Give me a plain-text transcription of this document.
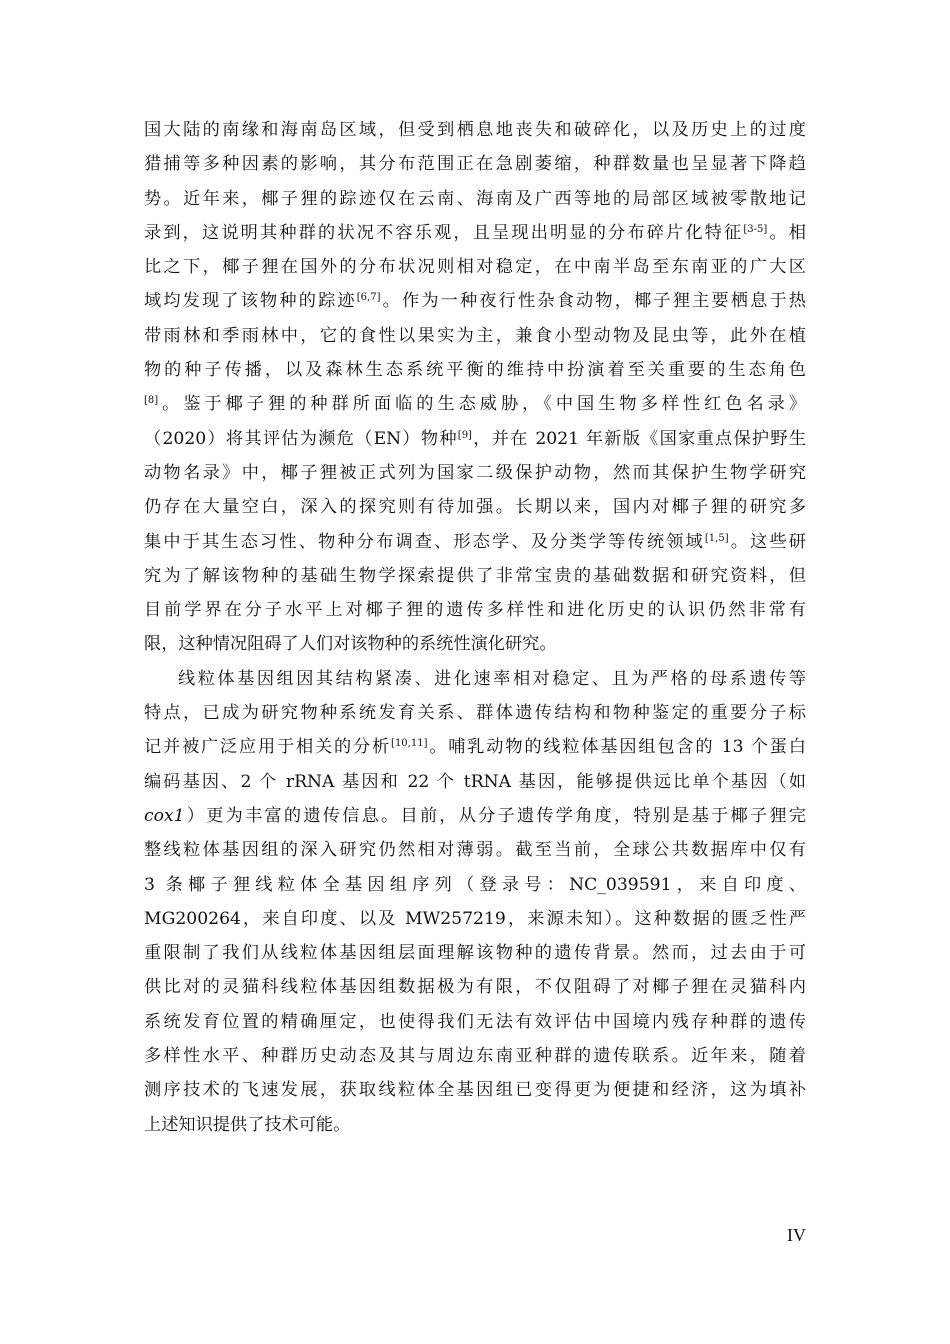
国大陆的南缘和海南岛区域，但受到栖息地丧失和破碎化，以及历史上的过度
猎捕等多种因素的影响，其分布范围正在急剧萎缩，种群数量也呈显著下降趋
势。近年来，椰子狸的踪迹仅在云南、海南及广西等地的局部区域被零散地记
录到，这说明其种群的状况不容乐观，且呈现出明显的分布碎片化特征[3-5]。相
比之下，椰子狸在国外的分布状况则相对稳定，在中南半岛至东南亚的广大区
域均发现了该物种的踪迹[6,7]。作为一种夜行性杂食动物，椰子狸主要栖息于热
带雨林和季雨林中，它的食性以果实为主，兼食小型动物及昆虫等，此外在植
物的种子传播，以及森林生态系统平衡的维持中扮演着至关重要的生态角色
[8]。鉴于椰子狸的种群所面临的生态威胁，《中国生物多样性红色名录》
（2020）将其评估为濒危（EN）物种[9]，并在 2021 年新版《国家重点保护野生
动物名录》中，椰子狸被正式列为国家二级保护动物，然而其保护生物学研究
仍存在大量空白，深入的探究则有待加强。长期以来，国内对椰子狸的研究多
集中于其生态习性、物种分布调查、形态学、及分类学等传统领域[1,5]。这些研
究为了解该物种的基础生物学探索提供了非常宝贵的基础数据和研究资料，但
目前学界在分子水平上对椰子狸的遗传多样性和进化历史的认识仍然非常有
限，这种情况阻碍了人们对该物种的系统性演化研究。
线粒体基因组因其结构紧凑、进化速率相对稳定、且为严格的母系遗传等
特点，已成为研究物种系统发育关系、群体遗传结构和物种鉴定的重要分子标
记并被广泛应用于相关的分析[10,11]。哺乳动物的线粒体基因组包含的 13 个蛋白
编码基因、2 个 rRNA 基因和 22 个 tRNA 基因，能够提供远比单个基因（如
cox1）更为丰富的遗传信息。目前，从分子遗传学角度，特别是基于椰子狸完
整线粒体基因组的深入研究仍然相对薄弱。截至当前，全球公共数据库中仅有
3 条椰子狸线粒体全基因组序列（登录号：NC_039591，来自印度、
MG200264，来自印度、以及 MW257219，来源未知）。这种数据的匮乏性严
重限制了我们从线粒体基因组层面理解该物种的遗传背景。然而，过去由于可
供比对的灵猫科线粒体基因组数据极为有限，不仅阻碍了对椰子狸在灵猫科内
系统发育位置的精确厘定，也使得我们无法有效评估中国境内残存种群的遗传
多样性水平、种群历史动态及其与周边东南亚种群的遗传联系。近年来，随着
测序技术的飞速发展，获取线粒体全基因组已变得更为便捷和经济，这为填补
上述知识提供了技术可能。
IV
